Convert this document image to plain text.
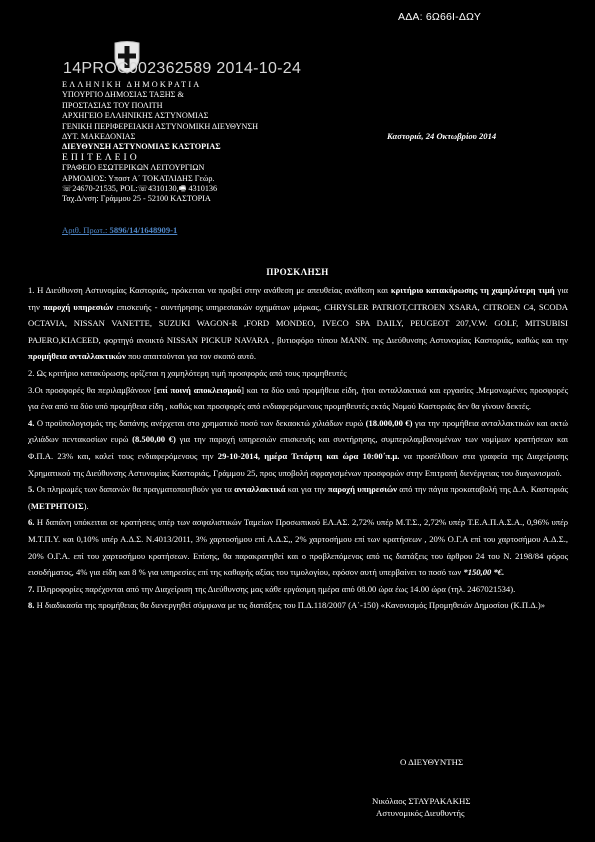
ΑΔΑ: 6Ω66Ι-ΔΩΥ
14PROC002362589 2014-10-24
ΕΛΛΗΝΙΚΗ ΔΗΜΟΚΡΑΤΙΑ
ΥΠΟΥΡΓΙΟ ΔΗΜΟΣΙΑΣ ΤΑΞΗΣ &
ΠΡΟΣΤΑΣΙΑΣ ΤΟΥ ΠΟΛΙΤΗ
ΑΡΧΗΓΕΙΟ ΕΛΛΗΝΙΚΗΣ ΑΣΤΥΝΟΜΙΑΣ
ΓΕΝΙΚΗ ΠΕΡΙΦΕΡΕΙΑΚΗ ΑΣΤΥΝΟΜΙΚΗ ΔΙΕΥΘΥΝΣΗ
ΔΥΤ. ΜΑΚΕΔΟΝΙΑΣ
ΔΙΕΥΘΥΝΣΗ ΑΣΤΥΝΟΜΙΑΣ ΚΑΣΤΟΡΙΑΣ
ΕΠΙΤΕΛΕΙΟ
ΓΡΑΦΕΙΟ ΕΣΩΤΕΡΙΚΩΝ ΛΕΙΤΟΥΡΓΙΩΝ
ΑΡΜΟΔΙΟΣ: Υπαστ Α΄ ΤΟΚΑΤΛΙΔΗΣ Γεώρ.
☏24670-21535, POL:☏4310130,🖷 4310136
Ταχ.Δ/νση: Γράμμου 25 - 52100 ΚΑΣΤΟΡΙΑ
Καστοριά, 24 Οκτωβρίου 2014
Αριθ. Πρωτ.: 5896/14/1648909-1
ΠΡΟΣΚΛΗΣΗ

1. Η Διεύθυνση Αστυνομίας Καστοριάς, πρόκειται να προβεί στην ανάθεση με απευθείας ανάθεση και κριτήριο κατακύρωσης τη χαμηλότερη τιμή για την παροχή υπηρεσιών επισκευής - συντήρησης υπηρεσιακών οχημάτων μάρκας, CHRYSLER PATRIOT,CITROEN XSARA, CITROEN C4, SCODA OCTAVIA, NISSAN VANETTE, SUZUKI WAGON-R ,FORD MONDEO, IVECO SPA DAILY, PEUGEOT 207,V.W. GOLF, MITSUBISI PAJERO,KIACEED, φορτηγό ανοικτό NISSAN PICKUP NAVARA , βυτιοφόρο τύπου MANN. της Διεύθυνσης Αστυνομίας Καστοριάς, καθώς και την προμήθεια ανταλλακτικών που απαιτούνται για τον σκοπό αυτό.

2. Ως κριτήριο κατακύρωσης ορίζεται η χαμηλότερη τιμή προσφοράς από τους προμηθευτές

3.Οι προσφορές θα περιλαμβάνουν [επί ποινή αποκλεισμού] και τα δύο υπό προμήθεια είδη, ήτοι ανταλλακτικά και εργασίες .Μεμονωμένες προσφορές για ένα από τα δύο υπό προμήθεια είδη , καθώς και προσφορές από ενδιαφερόμενους προμηθευτές εκτός Νομού Καστοριάς δεν θα γίνουν δεκτές.

4. Ο προϋπολογισμός της δαπάνης ανέρχεται στο χρηματικό ποσό των δεκαοκτώ χιλιάδων ευρώ (18.000,00 €) για την προμήθεια ανταλλακτικών και οκτώ χιλιάδων πεντακοσίων ευρώ (8.500,00 €) για την παροχή υπηρεσιών επισκευής και συντήρησης, συμπεριλαμβανομένων των νομίμων κρατήσεων και Φ.Π.Α. 23% και, καλεί τους ενδιαφερόμενους την 29-10-2014, ημέρα Τετάρτη και ώρα 10:00΄π.μ. να προσέλθουν στα γραφεία της Διαχείρισης Χρηματικού της Διεύθυνσης Αστυνομίας Καστοριάς, Γράμμου 25, προς υποβολή σφραγισμένων προσφορών στην Επιτροπή διενέργειας του διαγωνισμού.

5. Οι πληρωμές των δαπανών θα πραγματοποιηθούν για τα ανταλλακτικά και για την παροχή υπηρεσιών από την πάγια προκαταβολή της Δ.Α. Καστοριάς (ΜΕΤΡΗΤΟΙΣ).

6. Η δαπάνη υπόκειται σε κρατήσεις υπέρ των ασφαλιστικών Ταμείων Προσωπικού ΕΛ.ΑΣ. 2,72% υπέρ Μ.Τ.Σ., 2,72% υπέρ Τ.Ε.Α.Π.Α.Σ.Α., 0,96% υπέρ Μ.Τ.Π.Υ. και 0,10% υπέρ Α.Δ.Σ. Ν.4013/2011, 3% χαρτοσήμου επί Α.Δ.Σ,, 2% χαρτοσήμου επί των κρατήσεων , 20% Ο.Γ.Α επί του χαρτοσήμου Α.Δ.Σ., 20% Ο.Γ.Α. επί του χαρτοσήμου κρατήσεων. Επίσης, θα παρακρατηθεί και ο προβλεπόμενος από τις διατάξεις του άρθρου 24 του Ν. 2198/84 φόρος εισοδήματος, 4% για είδη και 8 % για υπηρεσίες επί της καθαρής αξίας του τιμολογίου, εφόσον αυτή υπερβαίνει το ποσό των *150,00 *€.

7. Πληροφορίες παρέχονται από την Διαχείριση της Διεύθυνσης μας κάθε εργάσιμη ημέρα από 08.00 ώρα έως 14.00 ώρα (τηλ. 2467021534).

8. Η διαδικασία της προμήθειας θα διενεργηθεί σύμφωνα με τις διατάξεις του Π.Δ.118/2007 (Α΄-150) «Κανονισμός Προμηθειών Δημοσίου (Κ.Π.Δ.)»

Ο ΔΙΕΥΘΥΝΤΗΣ
Νικόλαος ΣΤΑΥΡΑΚΑΚΗΣ
Αστυνομικός Διευθυντής
